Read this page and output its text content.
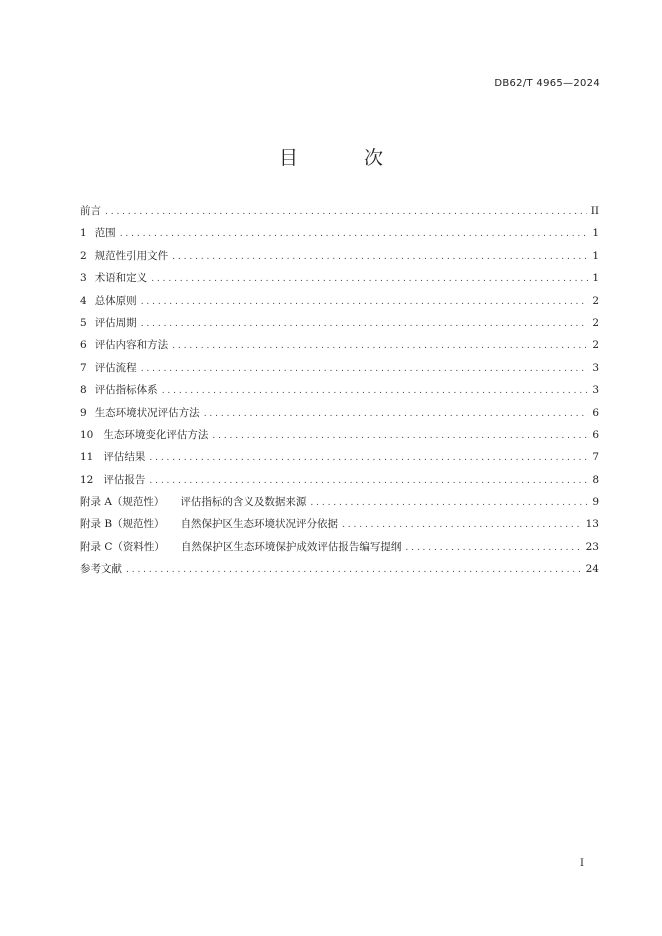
DB62/T 4965—2024
目 次
前言 . . .	II
1 范围 . . .	1
2 规范性引用文件 . . .	1
3 术语和定义 . . .	1
4 总体原则 . . .	2
5 评估周期 . . .	2
6 评估内容和方法 . . .	2
7 评估流程 . . .	3
8 评估指标体系 . . .	3
9 生态环境状况评估方法 . . .	6
10 生态环境变化评估方法 . . .	6
11 评估结果 . . .	7
12 评估报告 . . .	8
附录 A（规范性） 评估指标的含义及数据来源 . . .	9
附录 B（规范性） 自然保护区生态环境状况评分依据 . . .	13
附录 C（资料性） 自然保护区生态环境保护成效评估报告编写提纲 . . .	23
参考文献 . . .	24
I
